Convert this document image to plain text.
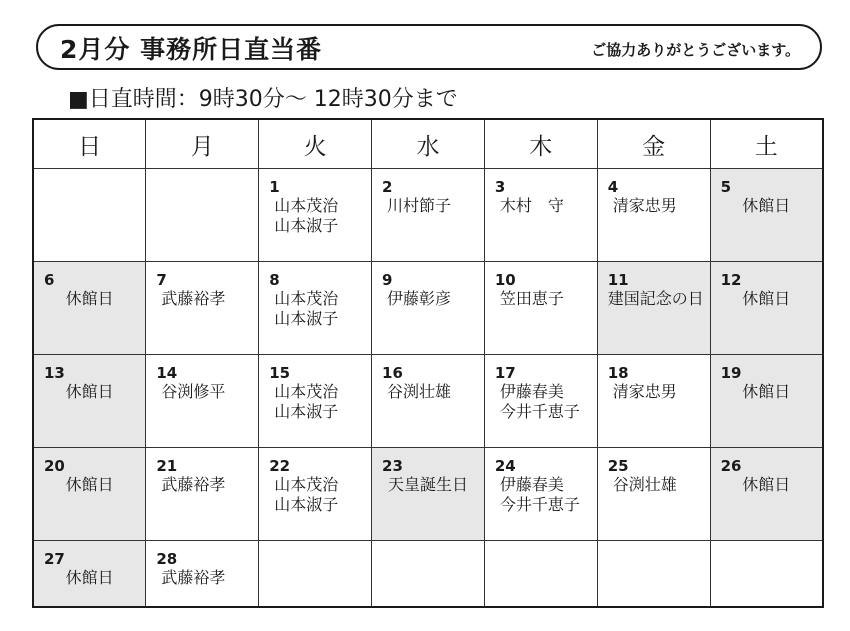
2月分 事務所日直当番	ご協力ありがとうございます。
■日直時間：9時30分～ 12時30分まで
日	月	火	水	木	金	土

		1
山本茂治
山本淑子	2
川村節子	3
木村　守	4
清家忠男	5
休館日

6
休館日	7
武藤裕孝	8
山本茂治
山本淑子	9
伊藤彰彦	10
笠田恵子	11
建国記念の日	12
休館日

13
休館日	14
谷渕修平	15
山本茂治
山本淑子	16
谷渕壮雄	17
伊藤春美
今井千恵子	18
清家忠男	19
休館日

20
休館日	21
武藤裕孝	22
山本茂治
山本淑子	23
天皇誕生日	24
伊藤春美
今井千恵子	25
谷渕壮雄	26
休館日

27
休館日	28
武藤裕孝					
